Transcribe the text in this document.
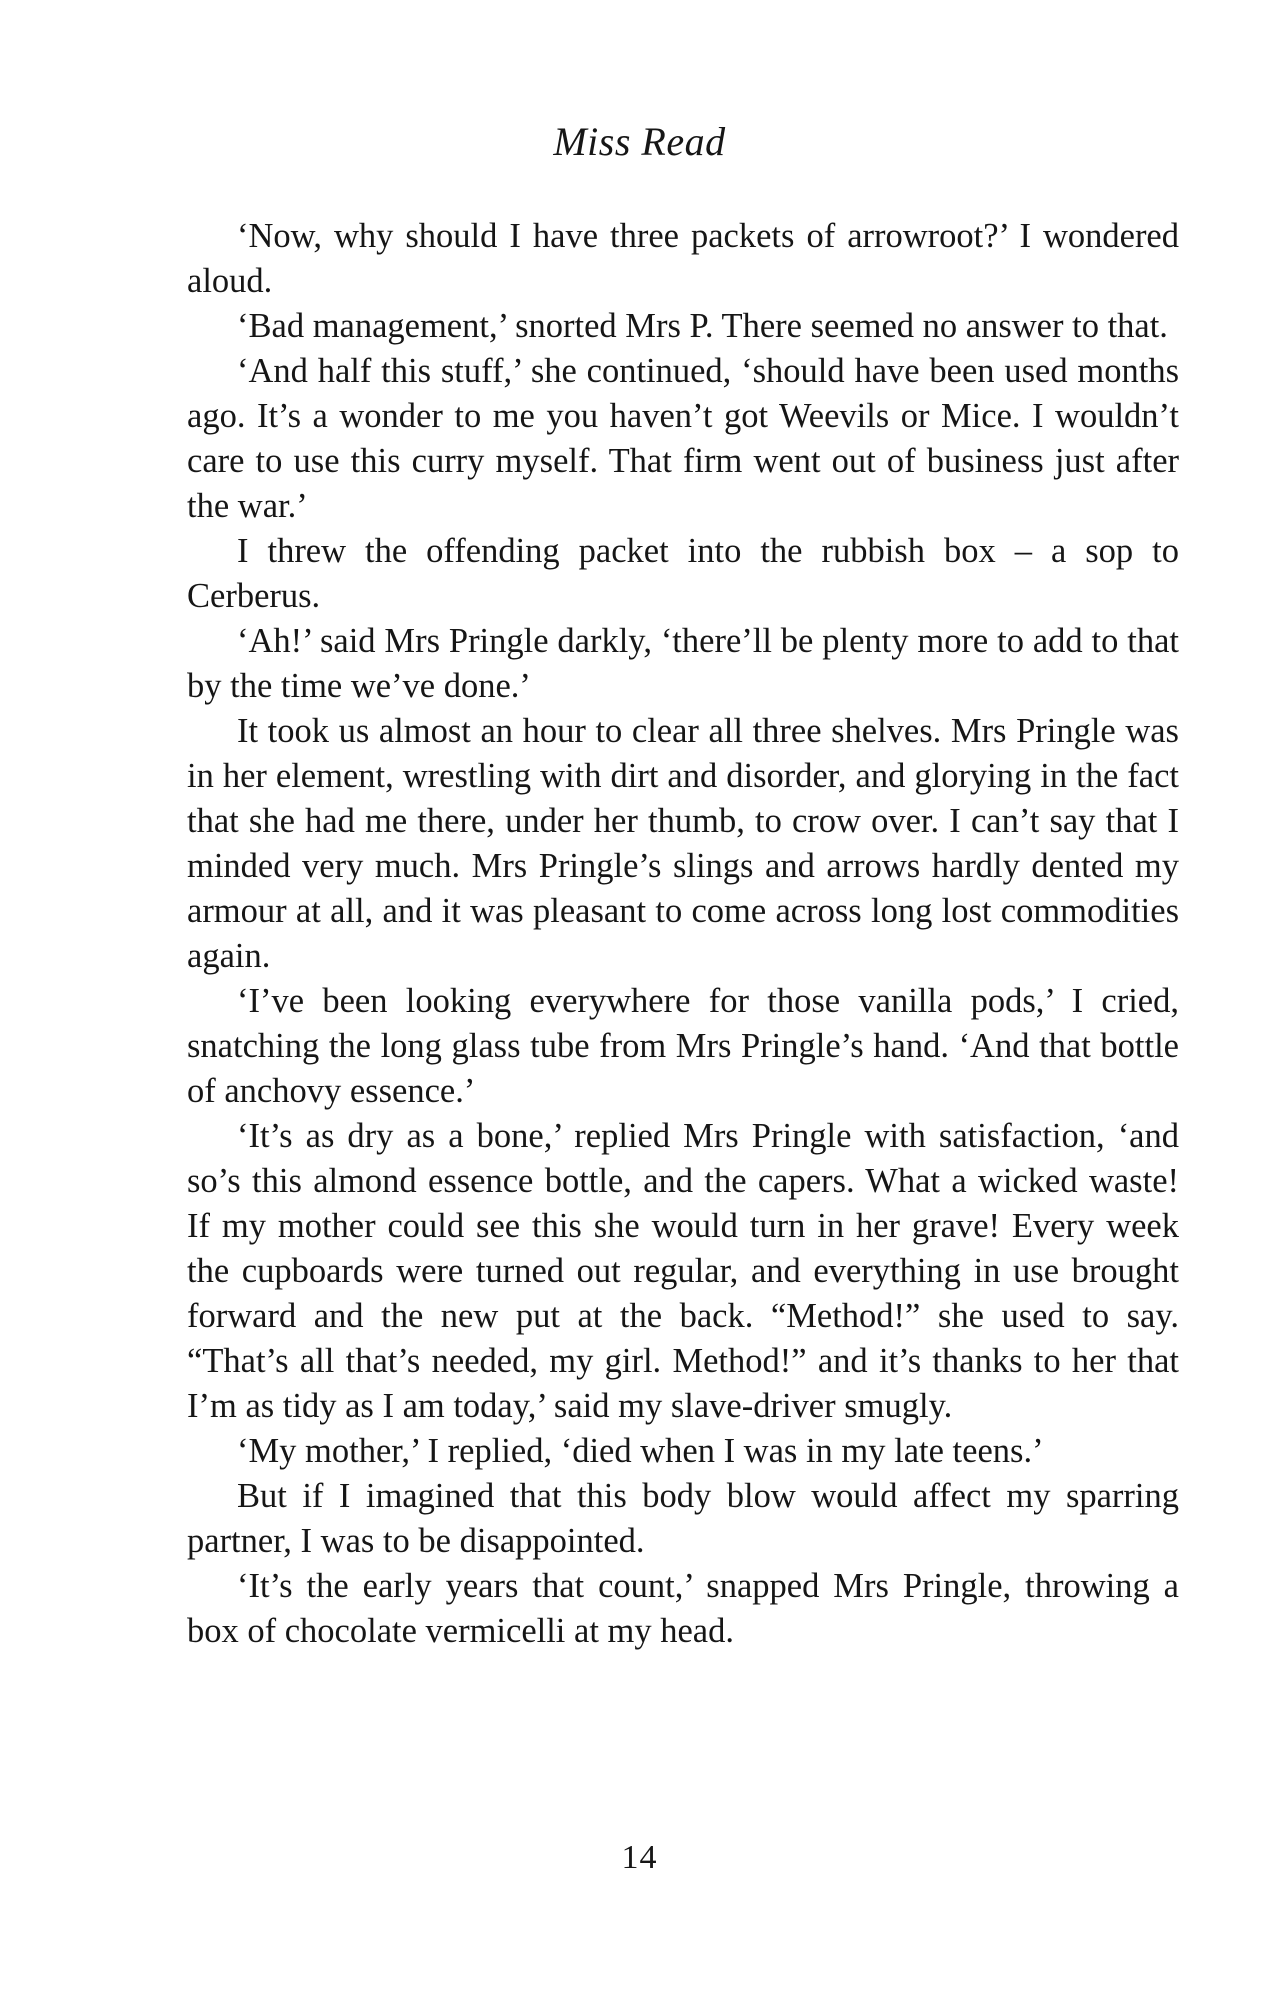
Miss Read

‘Now, why should I have three packets of arrowroot?’ I wondered aloud.

‘Bad management,’ snorted Mrs P. There seemed no answer to that.

‘And half this stuff,’ she continued, ‘should have been used months ago. It’s a wonder to me you haven’t got Weevils or Mice. I wouldn’t care to use this curry myself. That firm went out of business just after the war.’

I threw the offending packet into the rubbish box – a sop to Cerberus.

‘Ah!’ said Mrs Pringle darkly, ‘there’ll be plenty more to add to that by the time we’ve done.’

It took us almost an hour to clear all three shelves. Mrs Pringle was in her element, wrestling with dirt and disorder, and glorying in the fact that she had me there, under her thumb, to crow over. I can’t say that I minded very much. Mrs Pringle’s slings and arrows hardly dented my armour at all, and it was pleasant to come across long lost commodities again.

‘I’ve been looking everywhere for those vanilla pods,’ I cried, snatching the long glass tube from Mrs Pringle’s hand. ‘And that bottle of anchovy essence.’

‘It’s as dry as a bone,’ replied Mrs Pringle with satisfaction, ‘and so’s this almond essence bottle, and the capers. What a wicked waste! If my mother could see this she would turn in her grave! Every week the cupboards were turned out regular, and everything in use brought forward and the new put at the back. “Method!” she used to say. “That’s all that’s needed, my girl. Method!” and it’s thanks to her that I’m as tidy as I am today,’ said my slave-driver smugly.

‘My mother,’ I replied, ‘died when I was in my late teens.’

But if I imagined that this body blow would affect my sparring partner, I was to be disappointed.

‘It’s the early years that count,’ snapped Mrs Pringle, throwing a box of chocolate vermicelli at my head.

14
